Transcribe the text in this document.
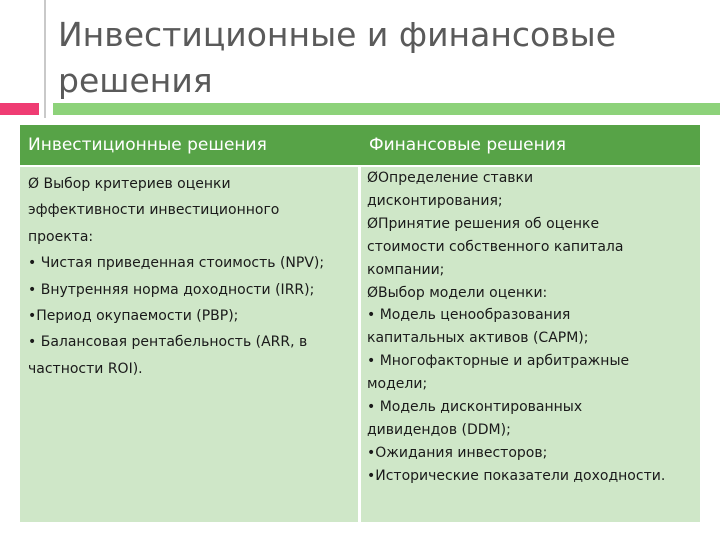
Инвестиционные и финансовые решения
Инвестиционные решения	Финансовые решения
Ø Выбор критериев оценки
эффективности инвестиционного
проекта:
• Чистая приведенная стоимость (NPV);
• Внутренняя норма доходности (IRR);
•Период окупаемости (PBP);
• Балансовая рентабельность (ARR, в
частности ROI).
ØОпределение ставки
дисконтирования;
ØПринятие решения об оценке
стоимости собственного капитала
компании;
ØВыбор модели оценки:
• Модель ценообразования
капитальных активов (CAPM);
• Многофакторные и арбитражные
модели;
• Модель дисконтированных
дивидендов (DDM);
•Ожидания инвесторов;
•Исторические показатели доходности.
